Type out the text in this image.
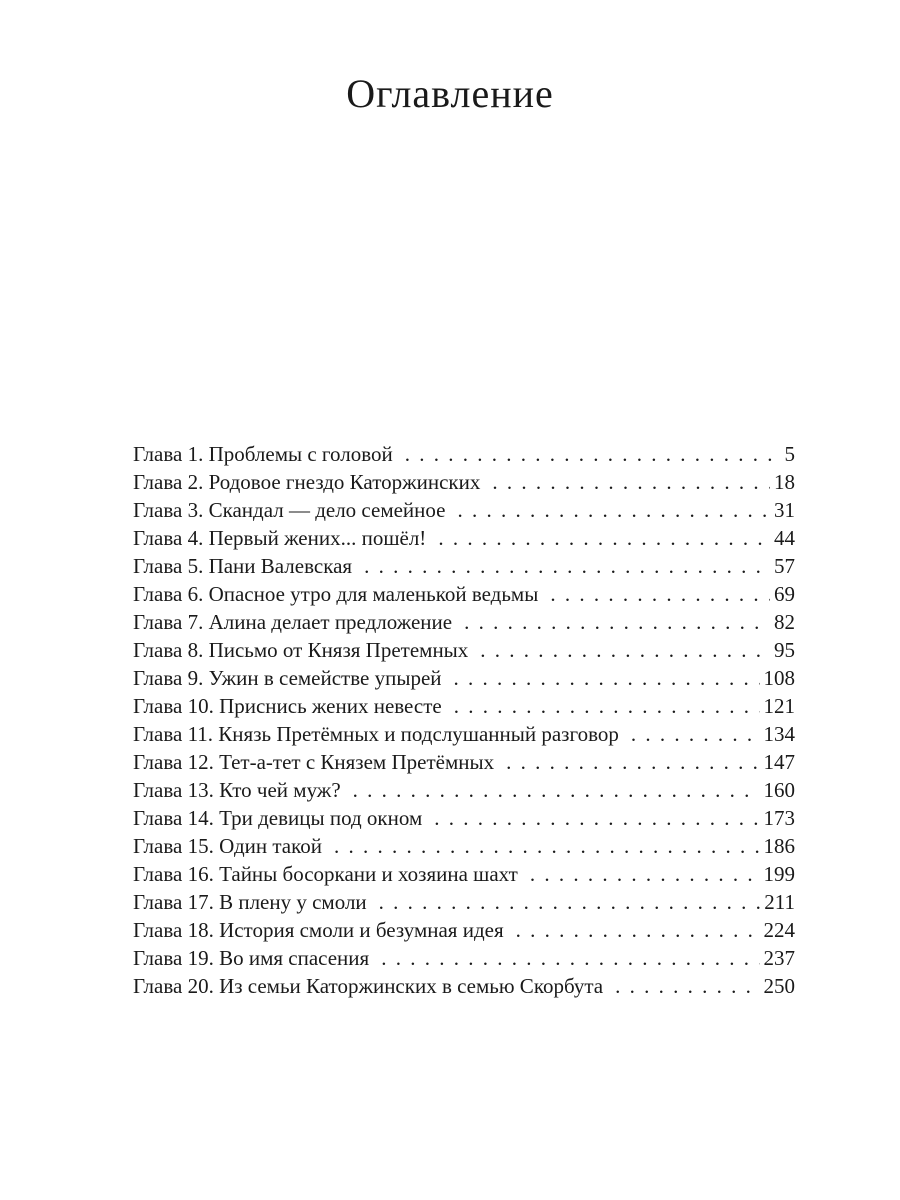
Оглавление
Глава 1. Проблемы с головой . . .	5
Глава 2. Родовое гнездо Каторжинских . . .	18
Глава 3. Скандал — дело семейное . . .	31
Глава 4. Первый жених... пошёл! . . .	44
Глава 5. Пани Валевская . . .	57
Глава 6. Опасное утро для маленькой ведьмы . . .	69
Глава 7. Алина делает предложение . . .	82
Глава 8. Письмо от Князя Претемных . . .	95
Глава 9. Ужин в семействе упырей . . .	108
Глава 10. Приснись жених невесте . . .	121
Глава 11. Князь Претёмных и подслушанный разговор . . .	134
Глава 12. Тет-а-тет с Князем Претёмных . . .	147
Глава 13. Кто чей муж? . . .	160
Глава 14. Три девицы под окном . . .	173
Глава 15. Один такой . . .	186
Глава 16. Тайны босоркани и хозяина шахт . . .	199
Глава 17. В плену у смоли . . .	211
Глава 18. История смоли и безумная идея . . .	224
Глава 19. Во имя спасения . . .	237
Глава 20. Из семьи Каторжинских в семью Скорбута . . .	250
